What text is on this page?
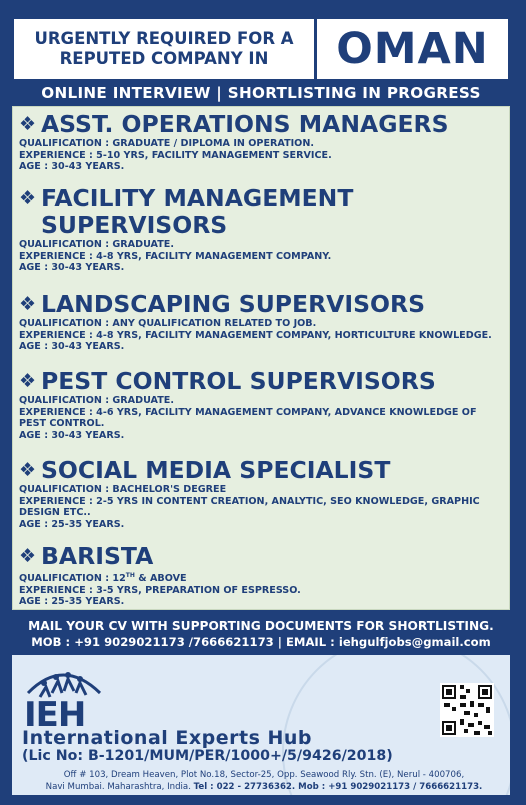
URGENTLY REQUIRED FOR A
REPUTED COMPANY IN	OMAN
ONLINE INTERVIEW | SHORTLISTING IN PROGRESS
❖ ASST. OPERATIONS MANAGERS
QUALIFICATION : GRADUATE / DIPLOMA IN OPERATION.
EXPERIENCE : 5-10 YRS, FACILITY MANAGEMENT SERVICE.
AGE : 30-43 YEARS.
❖ FACILITY MANAGEMENT
SUPERVISORS
QUALIFICATION : GRADUATE.
EXPERIENCE : 4-8 YRS, FACILITY MANAGEMENT COMPANY.
AGE : 30-43 YEARS.
❖ LANDSCAPING SUPERVISORS
QUALIFICATION : ANY QUALIFICATION RELATED TO JOB.
EXPERIENCE : 4-8 YRS, FACILITY MANAGEMENT COMPANY, HORTICULTURE KNOWLEDGE.
AGE : 30-43 YEARS.
❖ PEST CONTROL SUPERVISORS
QUALIFICATION : GRADUATE.
EXPERIENCE : 4-6 YRS, FACILITY MANAGEMENT COMPANY, ADVANCE KNOWLEDGE OF PEST CONTROL.
AGE : 30-43 YEARS.
❖ SOCIAL MEDIA SPECIALIST
QUALIFICATION : BACHELOR'S DEGREE
EXPERIENCE : 2-5 YRS IN CONTENT CREATION, ANALYTIC, SEO KNOWLEDGE, GRAPHIC DESIGN ETC..
AGE : 25-35 YEARS.
❖ BARISTA
QUALIFICATION : 12TH & ABOVE
EXPERIENCE : 3-5 YRS, PREPARATION OF ESPRESSO.
AGE : 25-35 YEARS.
MAIL YOUR CV WITH SUPPORTING DOCUMENTS FOR SHORTLISTING.
MOB : +91 9029021173 /7666621173 | EMAIL : iehgulfjobs@gmail.com
IEH
International Experts Hub
(Lic No: B-1201/MUM/PER/1000+/5/9426/2018)
Off # 103, Dream Heaven, Plot No.18, Sector-25, Opp. Seawood Rly. Stn. (E), Nerul - 400706,
Navi Mumbai. Maharashtra, India. Tel : 022 - 27736362. Mob : +91 9029021173 / 7666621173.
